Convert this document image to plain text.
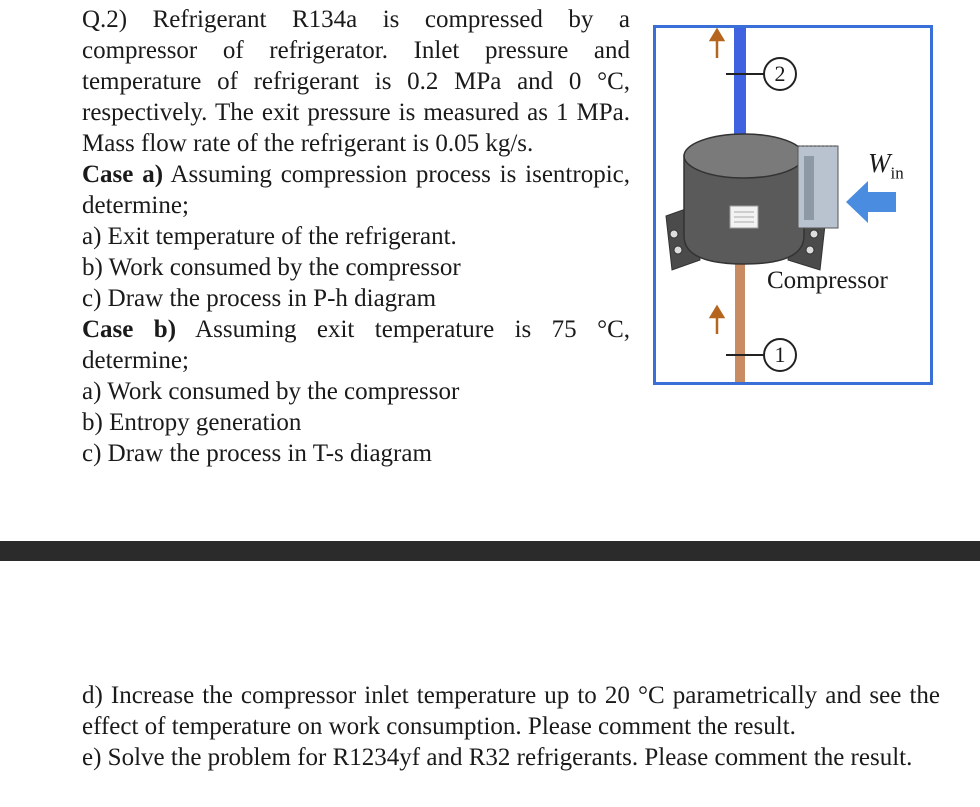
Q.2) Refrigerant R134a is compressed by a compressor of refrigerator. Inlet pressure and temperature of refrigerant is 0.2 MPa and 0 °C, respectively. The exit pressure is measured as 1 MPa. Mass flow rate of the refrigerant is 0.05 kg/s.

Case a) Assuming compression process is isentropic, determine;

a) Exit temperature of the refrigerant.

b) Work consumed by the compressor

c) Draw the process in P-h diagram

Case b) Assuming exit temperature is 75 °C, determine;

a) Work consumed by the compressor

b) Entropy generation

c) Draw the process in T-s diagram

$W_{in}$
Compressor
2
1

d) Increase the compressor inlet temperature up to 20 °C parametrically and see the effect of temperature on work consumption. Please comment the result.

e) Solve the problem for R1234yf and R32 refrigerants. Please comment the result.
